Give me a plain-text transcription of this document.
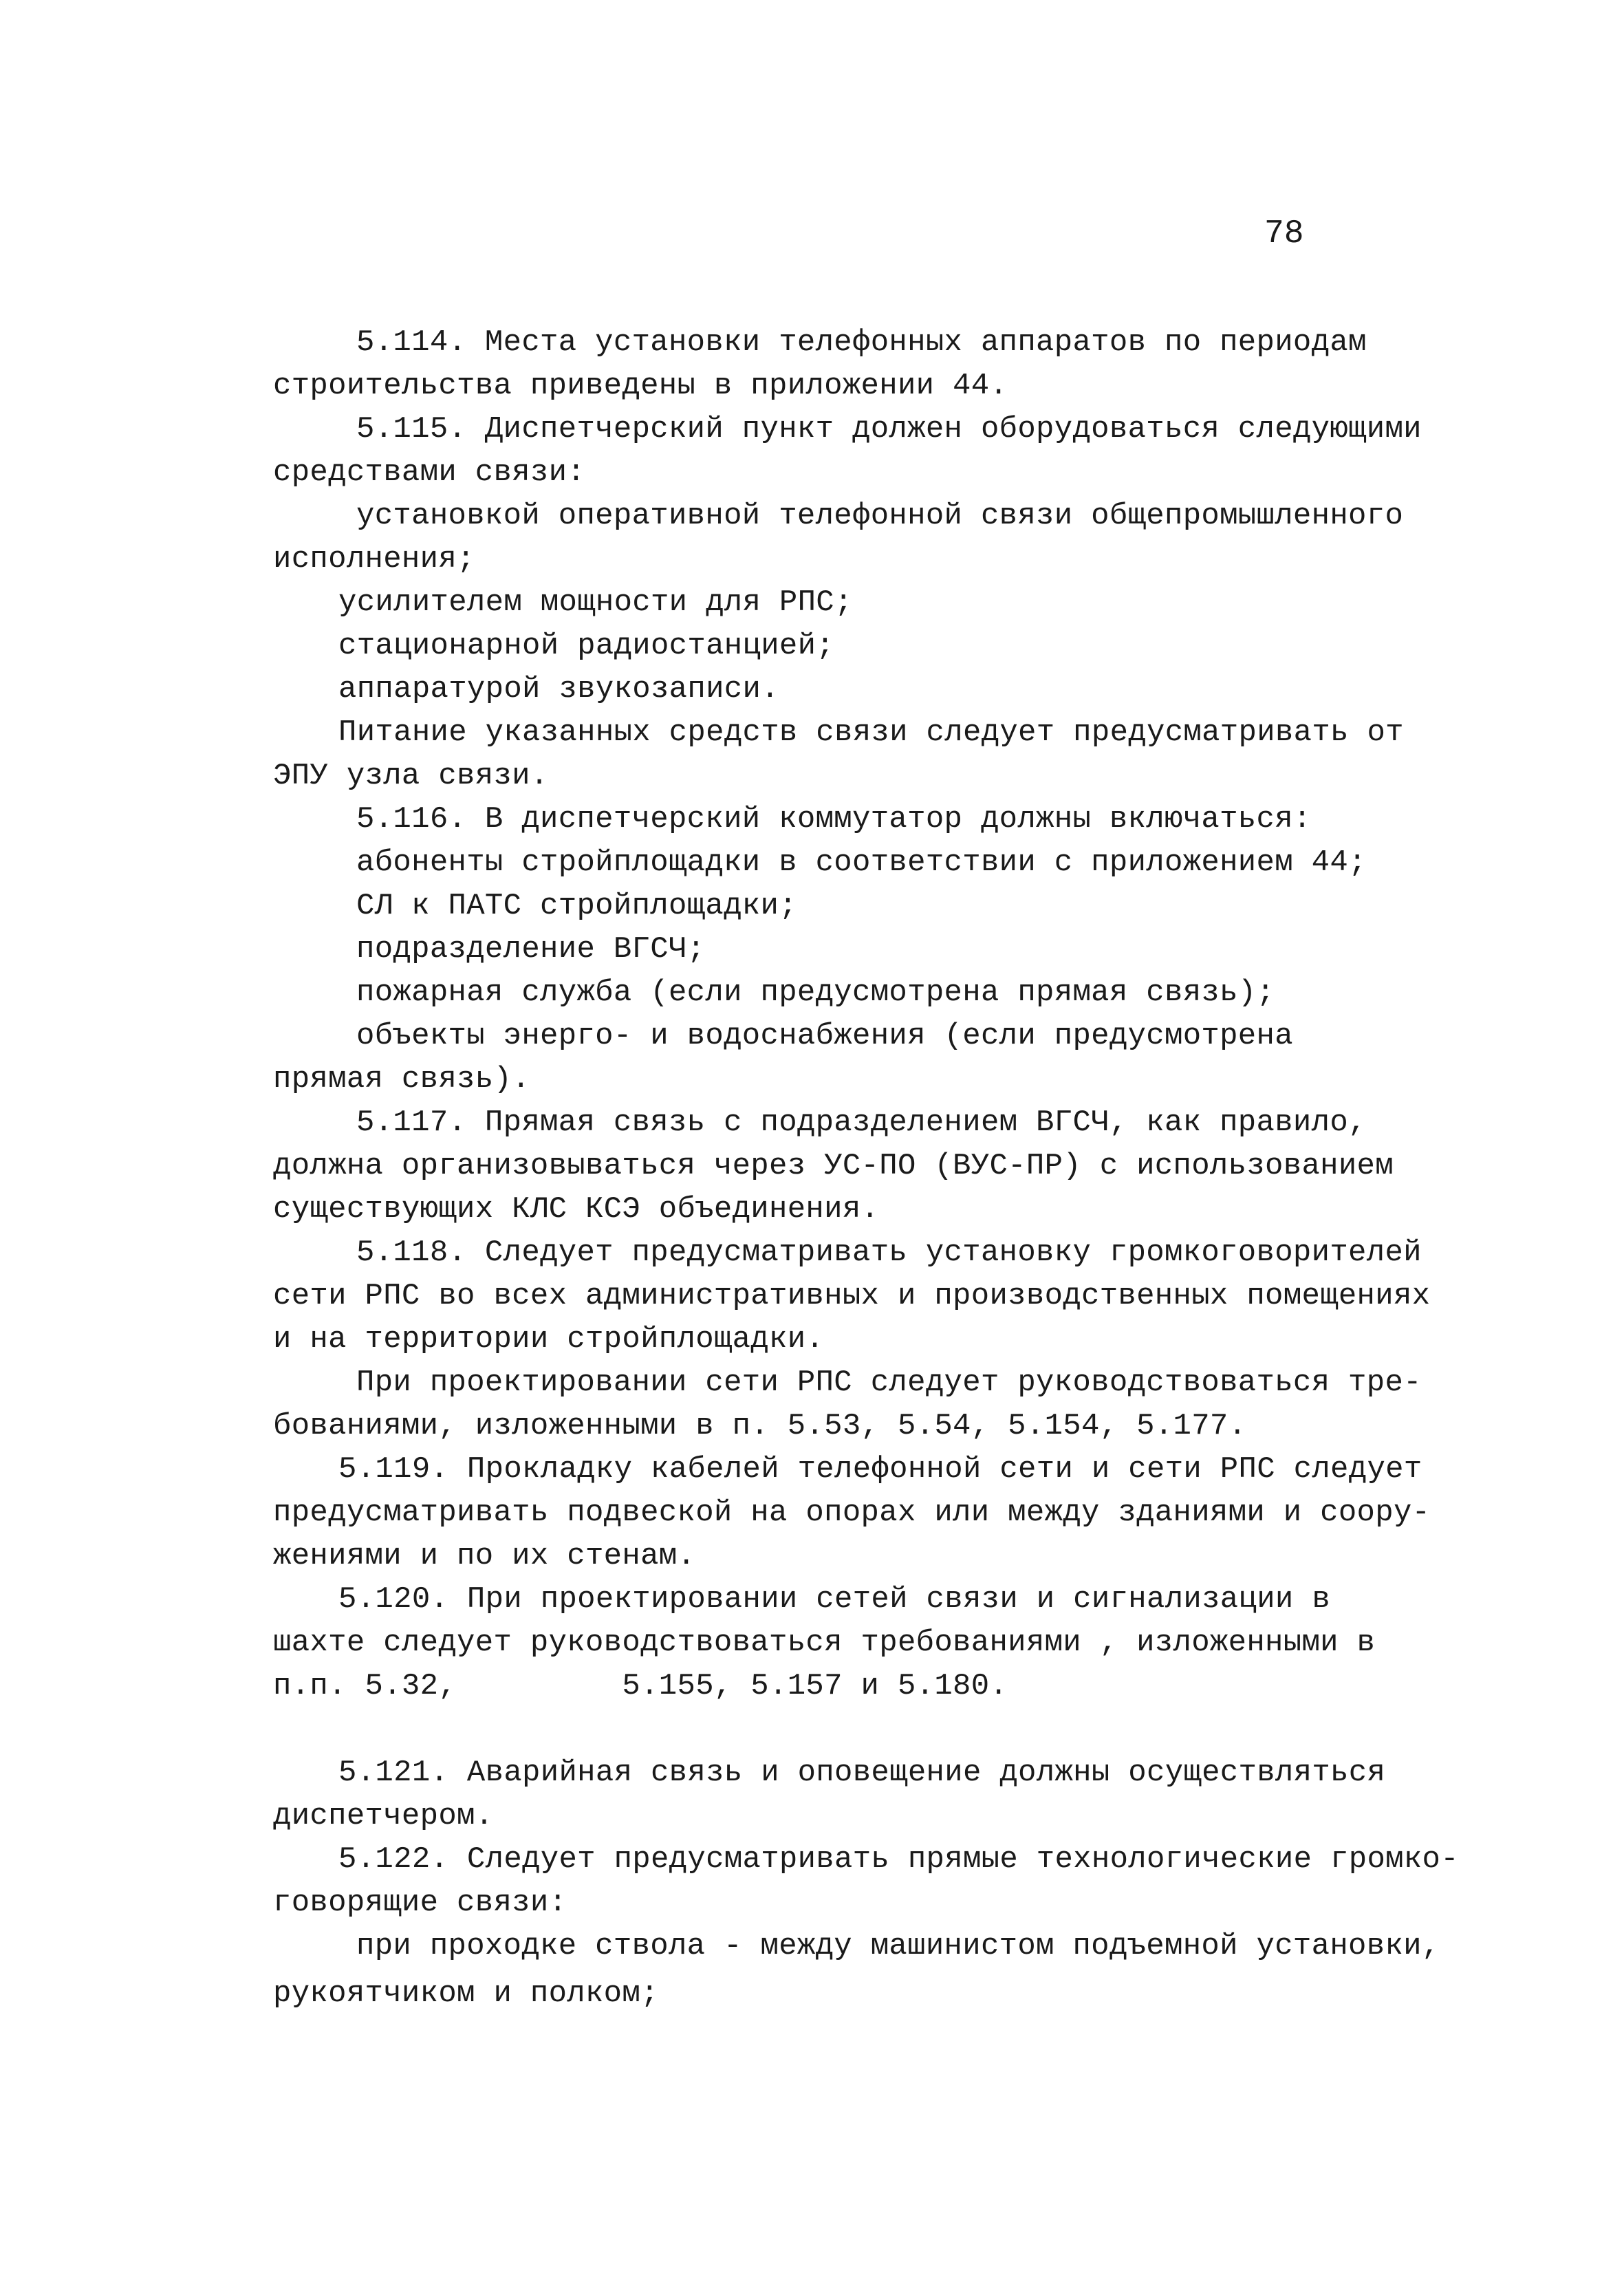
78
5.114. Места установки телефонных аппаратов по периодам
строительства приведены в приложении 44.
5.115. Диспетчерский пункт должен оборудоваться следующими
средствами связи:
установкой оперативной телефонной связи общепромышленного
исполнения;
усилителем мощности для РПС;
стационарной радиостанцией;
аппаратурой звукозаписи.
Питание указанных средств связи следует предусматривать от
ЭПУ узла связи.
5.116. В диспетчерский коммутатор должны включаться:
абоненты стройплощадки в соответствии с приложением 44;
СЛ к ПАТС стройплощадки;
подразделение ВГСЧ;
пожарная служба (если предусмотрена прямая связь);
объекты энерго- и водоснабжения (если предусмотрена
прямая связь).
5.117. Прямая связь с подразделением ВГСЧ, как правило,
должна организовываться через УС-ПО (ВУС-ПР) с использованием
существующих КЛС КСЭ объединения.
5.118. Следует предусматривать установку громкоговорителей
сети РПС во всех административных и производственных помещениях
и на территории стройплощадки.
При проектировании сети РПС следует руководствоваться тре-
бованиями, изложенными в п. 5.53, 5.54, 5.154, 5.177.
5.119. Прокладку кабелей телефонной сети и сети РПС следует
предусматривать подвеской на опорах или между зданиями и соору-
жениями и по их стенам.
5.120. При проектировании сетей связи и сигнализации в
шахте следует руководствоваться требованиями , изложенными в
п.п. 5.32,         5.155, 5.157 и 5.180.
5.121. Аварийная связь и оповещение должны осуществляться
диспетчером.
5.122. Следует предусматривать прямые технологические громко-
говорящие связи:
при проходке ствола - между машинистом подъемной установки,
рукоятчиком и полком;
